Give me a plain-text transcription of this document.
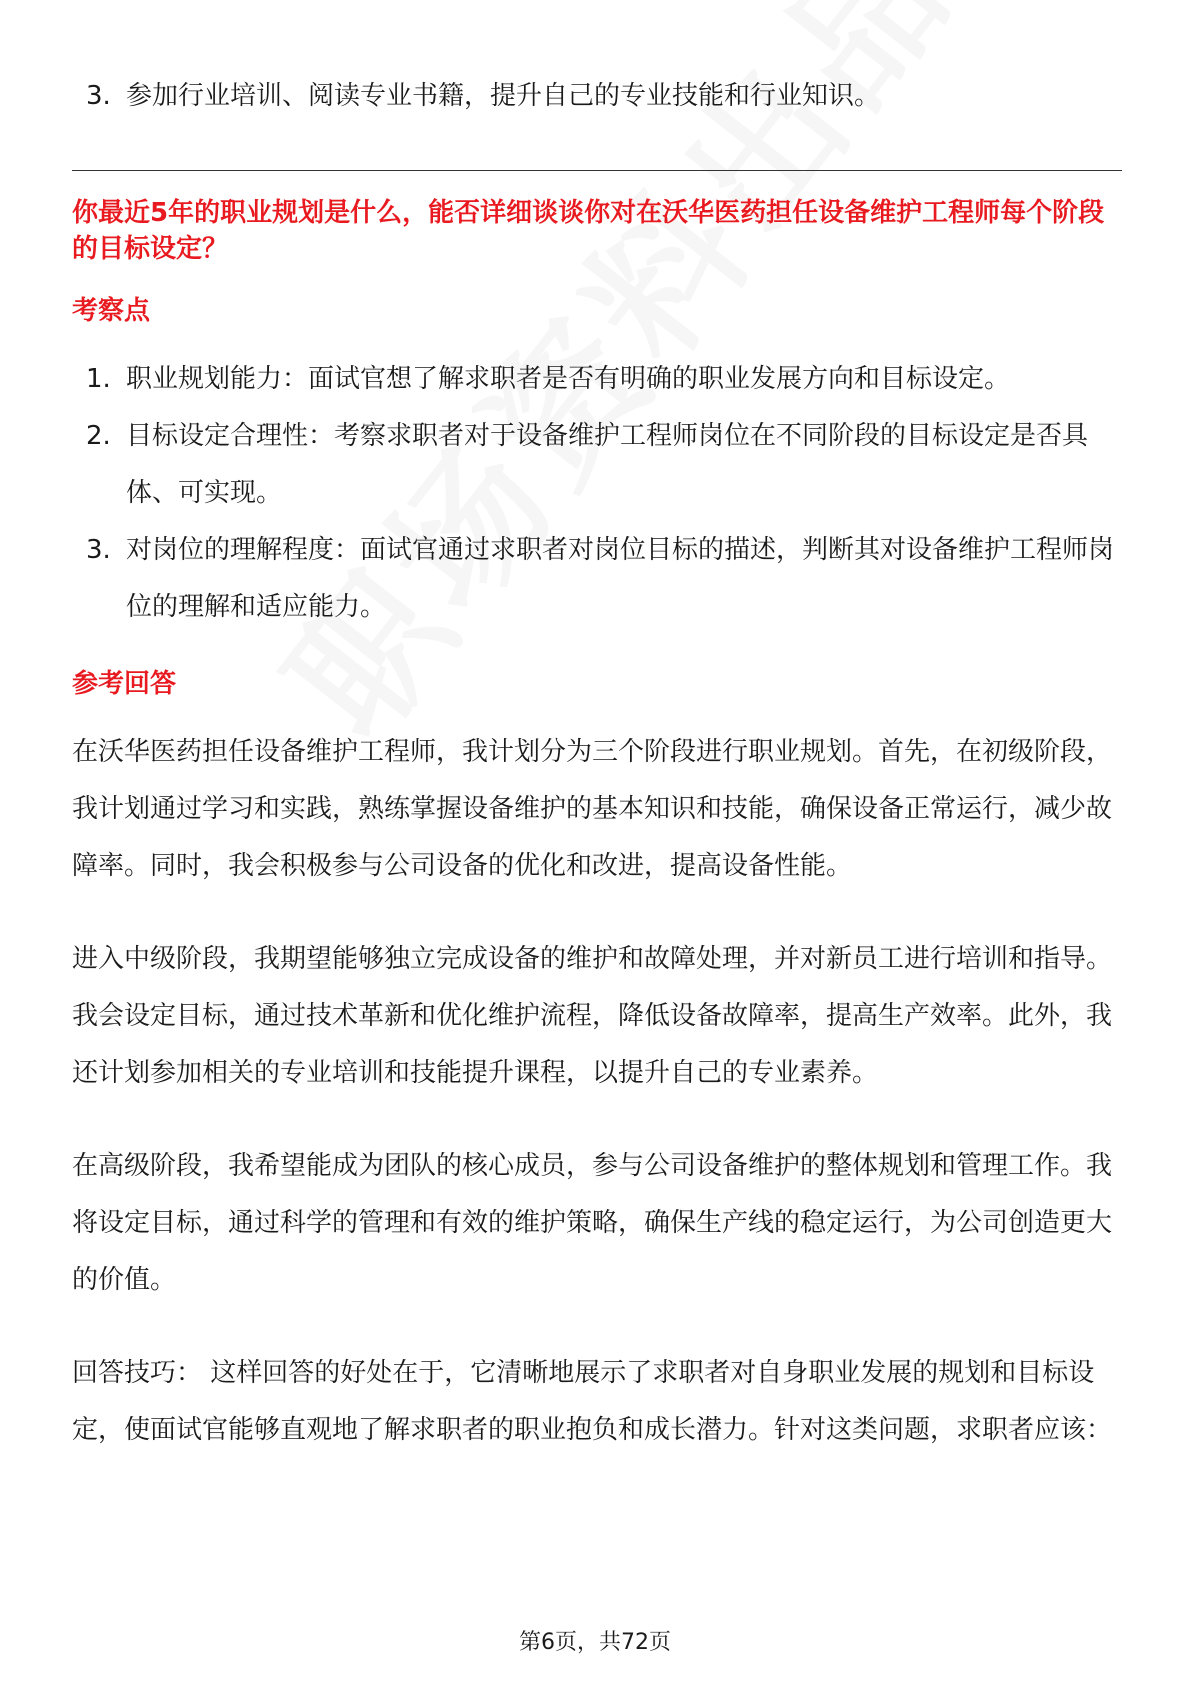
3. 参加行业培训、阅读专业书籍，提升自己的专业技能和行业知识。
你最近5年的职业规划是什么，能否详细谈谈你对在沃华医药担任设备维护工程师每个阶段的目标设定？
考察点
1. 职业规划能力：面试官想了解求职者是否有明确的职业发展方向和目标设定。
2. 目标设定合理性：考察求职者对于设备维护工程师岗位在不同阶段的目标设定是否具体、可实现。
3. 对岗位的理解程度：面试官通过求职者对岗位目标的描述，判断其对设备维护工程师岗位的理解和适应能力。
参考回答

在沃华医药担任设备维护工程师，我计划分为三个阶段进行职业规划。首先，在初级阶段，我计划通过学习和实践，熟练掌握设备维护的基本知识和技能，确保设备正常运行，减少故障率。同时，我会积极参与公司设备的优化和改进，提高设备性能。

进入中级阶段，我期望能够独立完成设备的维护和故障处理，并对新员工进行培训和指导。我会设定目标，通过技术革新和优化维护流程，降低设备故障率，提高生产效率。此外，我还计划参加相关的专业培训和技能提升课程，以提升自己的专业素养。

在高级阶段，我希望能成为团队的核心成员，参与公司设备维护的整体规划和管理工作。我将设定目标，通过科学的管理和有效的维护策略，确保生产线的稳定运行，为公司创造更大的价值。

回答技巧： 这样回答的好处在于，它清晰地展示了求职者对自身职业发展的规划和目标设定，使面试官能够直观地了解求职者的职业抱负和成长潜力。针对这类问题，求职者应该：

第6页，共72页
